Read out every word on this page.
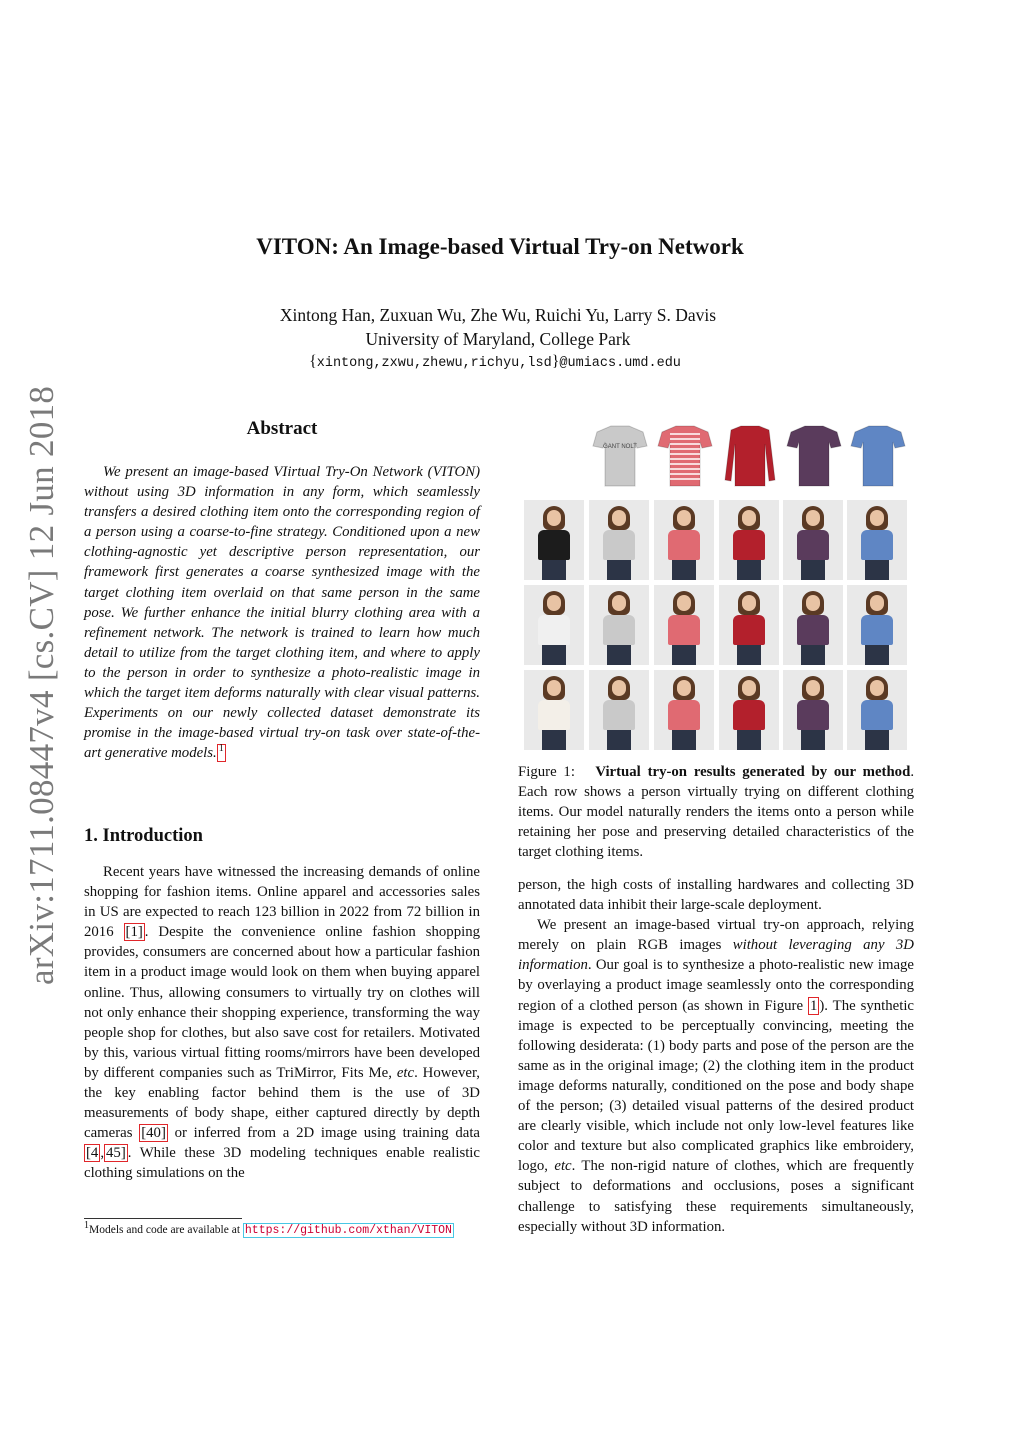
arXiv:1711.08447v4 [cs.CV] 12 Jun 2018
VITON: An Image-based Virtual Try-on Network
Xintong Han, Zuxuan Wu, Zhe Wu, Ruichi Yu, Larry S. Davis
University of Maryland, College Park
{xintong,zxwu,zhewu,richyu,lsd}@umiacs.umd.edu
Abstract

We present an image-based VIirtual Try-On Network (VITON) without using 3D information in any form, which seamlessly transfers a desired clothing item onto the corresponding region of a person using a coarse-to-fine strategy. Conditioned upon a new clothing-agnostic yet descriptive person representation, our framework first generates a coarse synthesized image with the target clothing item overlaid on that same person in the same pose. We further enhance the initial blurry clothing area with a refinement network. The network is trained to learn how much detail to utilize from the target clothing item, and where to apply to the person in order to synthesize a photo-realistic image in which the target item deforms naturally with clear visual patterns. Experiments on our newly collected dataset demonstrate its promise in the image-based virtual try-on task over state-of-the-art generative models. $^1$

1. Introduction

Recent years have witnessed the increasing demands of online shopping for fashion items. Online apparel and accessories sales in US are expected to reach 123 billion in 2022 from 72 billion in 2016 [1] . Despite the convenience online fashion shopping provides, consumers are concerned about how a particular fashion item in a product image would look on them when buying apparel online. Thus, allowing consumers to virtually try on clothes will not only enhance their shopping experience, transforming the way people shop for clothes, but also save cost for retailers. Motivated by this, various virtual fitting rooms/mirrors have been developed by different companies such as TriMirror, Fits Me, etc. However, the key enabling factor behind them is the use of 3D measurements of body shape, either captured directly by depth cameras [40] or inferred from a 2D image using training data [4 , 45] . While these 3D modeling techniques enable realistic clothing simulations on the

$^1$Models and code are available at https://github.com/xthan/VITON

GANT NOLT

Figure 1: Virtual try-on results generated by our method. Each row shows a person virtually trying on different clothing items. Our model naturally renders the items onto a person while retaining her pose and preserving detailed characteristics of the target clothing items.

person, the high costs of installing hardwares and collecting 3D annotated data inhibit their large-scale deployment.

We present an image-based virtual try-on approach, relying merely on plain RGB images without leveraging any 3D information. Our goal is to synthesize a photo-realistic new image by overlaying a product image seamlessly onto the corresponding region of a clothed person (as shown in Figure 1 ). The synthetic image is expected to be perceptually convincing, meeting the following desiderata: (1) body parts and pose of the person are the same as in the original image; (2) the clothing item in the product image deforms naturally, conditioned on the pose and body shape of the person; (3) detailed visual patterns of the desired product are clearly visible, which include not only low-level features like color and texture but also complicated graphics like embroidery, logo, etc. The non-rigid nature of clothes, which are frequently subject to deformations and occlusions, poses a significant challenge to satisfying these requirements simultaneously, especially without 3D information.
